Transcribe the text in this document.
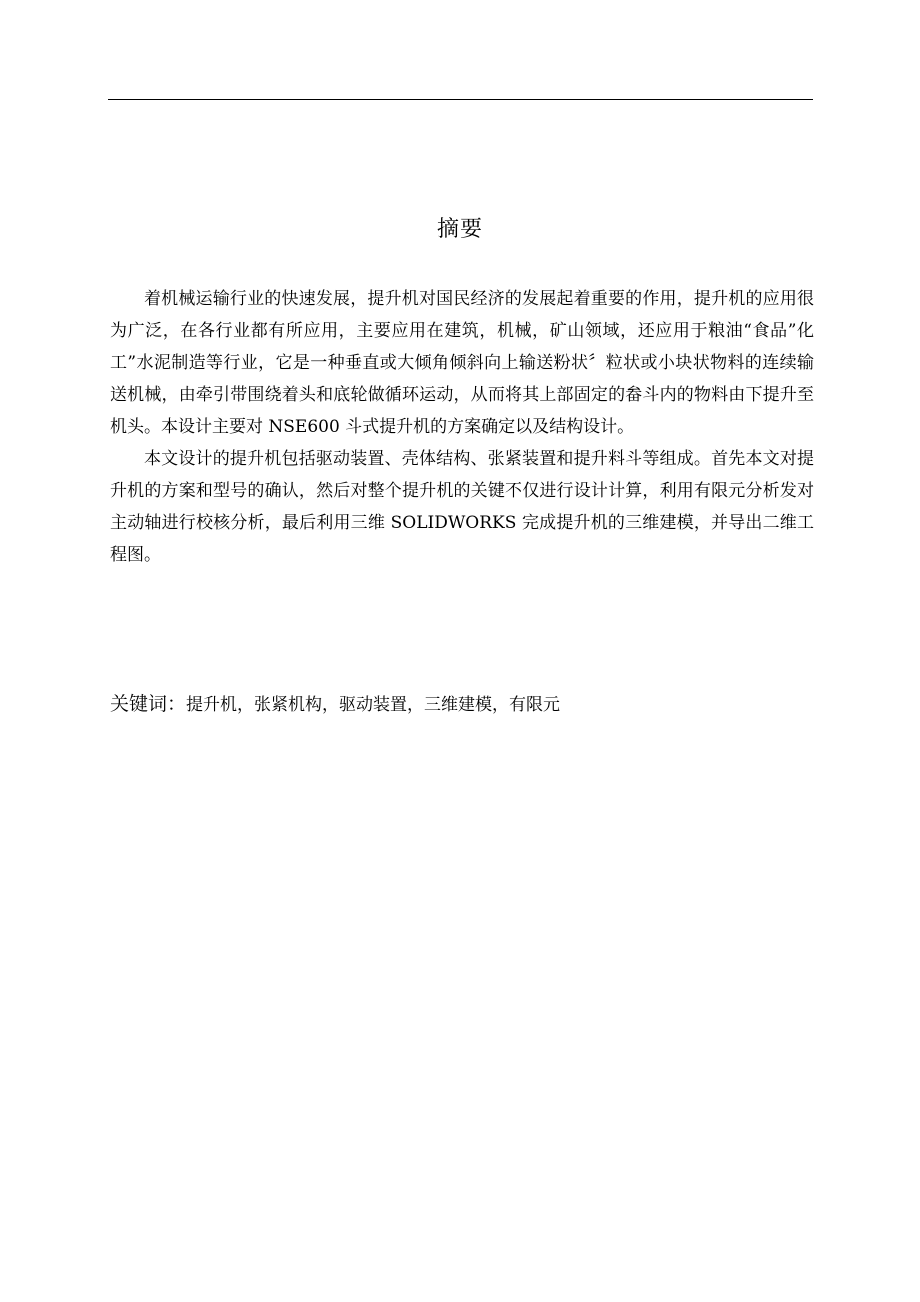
摘要

着机械运输行业的快速发展，提升机对国民经济的发展起着重要的作用，提升机的应用很为广泛，在各行业都有所应用，主要应用在建筑，机械，矿山领域，还应用于粮油“食品”化工”水泥制造等行业，它是一种垂直或大倾角倾斜向上输送粉状〞粒状或小块状物料的连续输送机械，由牵引带围绕着头和底轮做循环运动，从而将其上部固定的畚斗内的物料由下提升至机头。本设计主要对 NSE600 斗式提升机的方案确定以及结构设计。

本文设计的提升机包括驱动装置、壳体结构、张紧装置和提升料斗等组成。首先本文对提升机的方案和型号的确认，然后对整个提升机的关键不仅进行设计计算，利用有限元分析发对主动轴进行校核分析，最后利用三维 SOLIDWORKS 完成提升机的三维建模，并导出二维工程图。

关键词：提升机，张紧机构，驱动装置，三维建模，有限元
